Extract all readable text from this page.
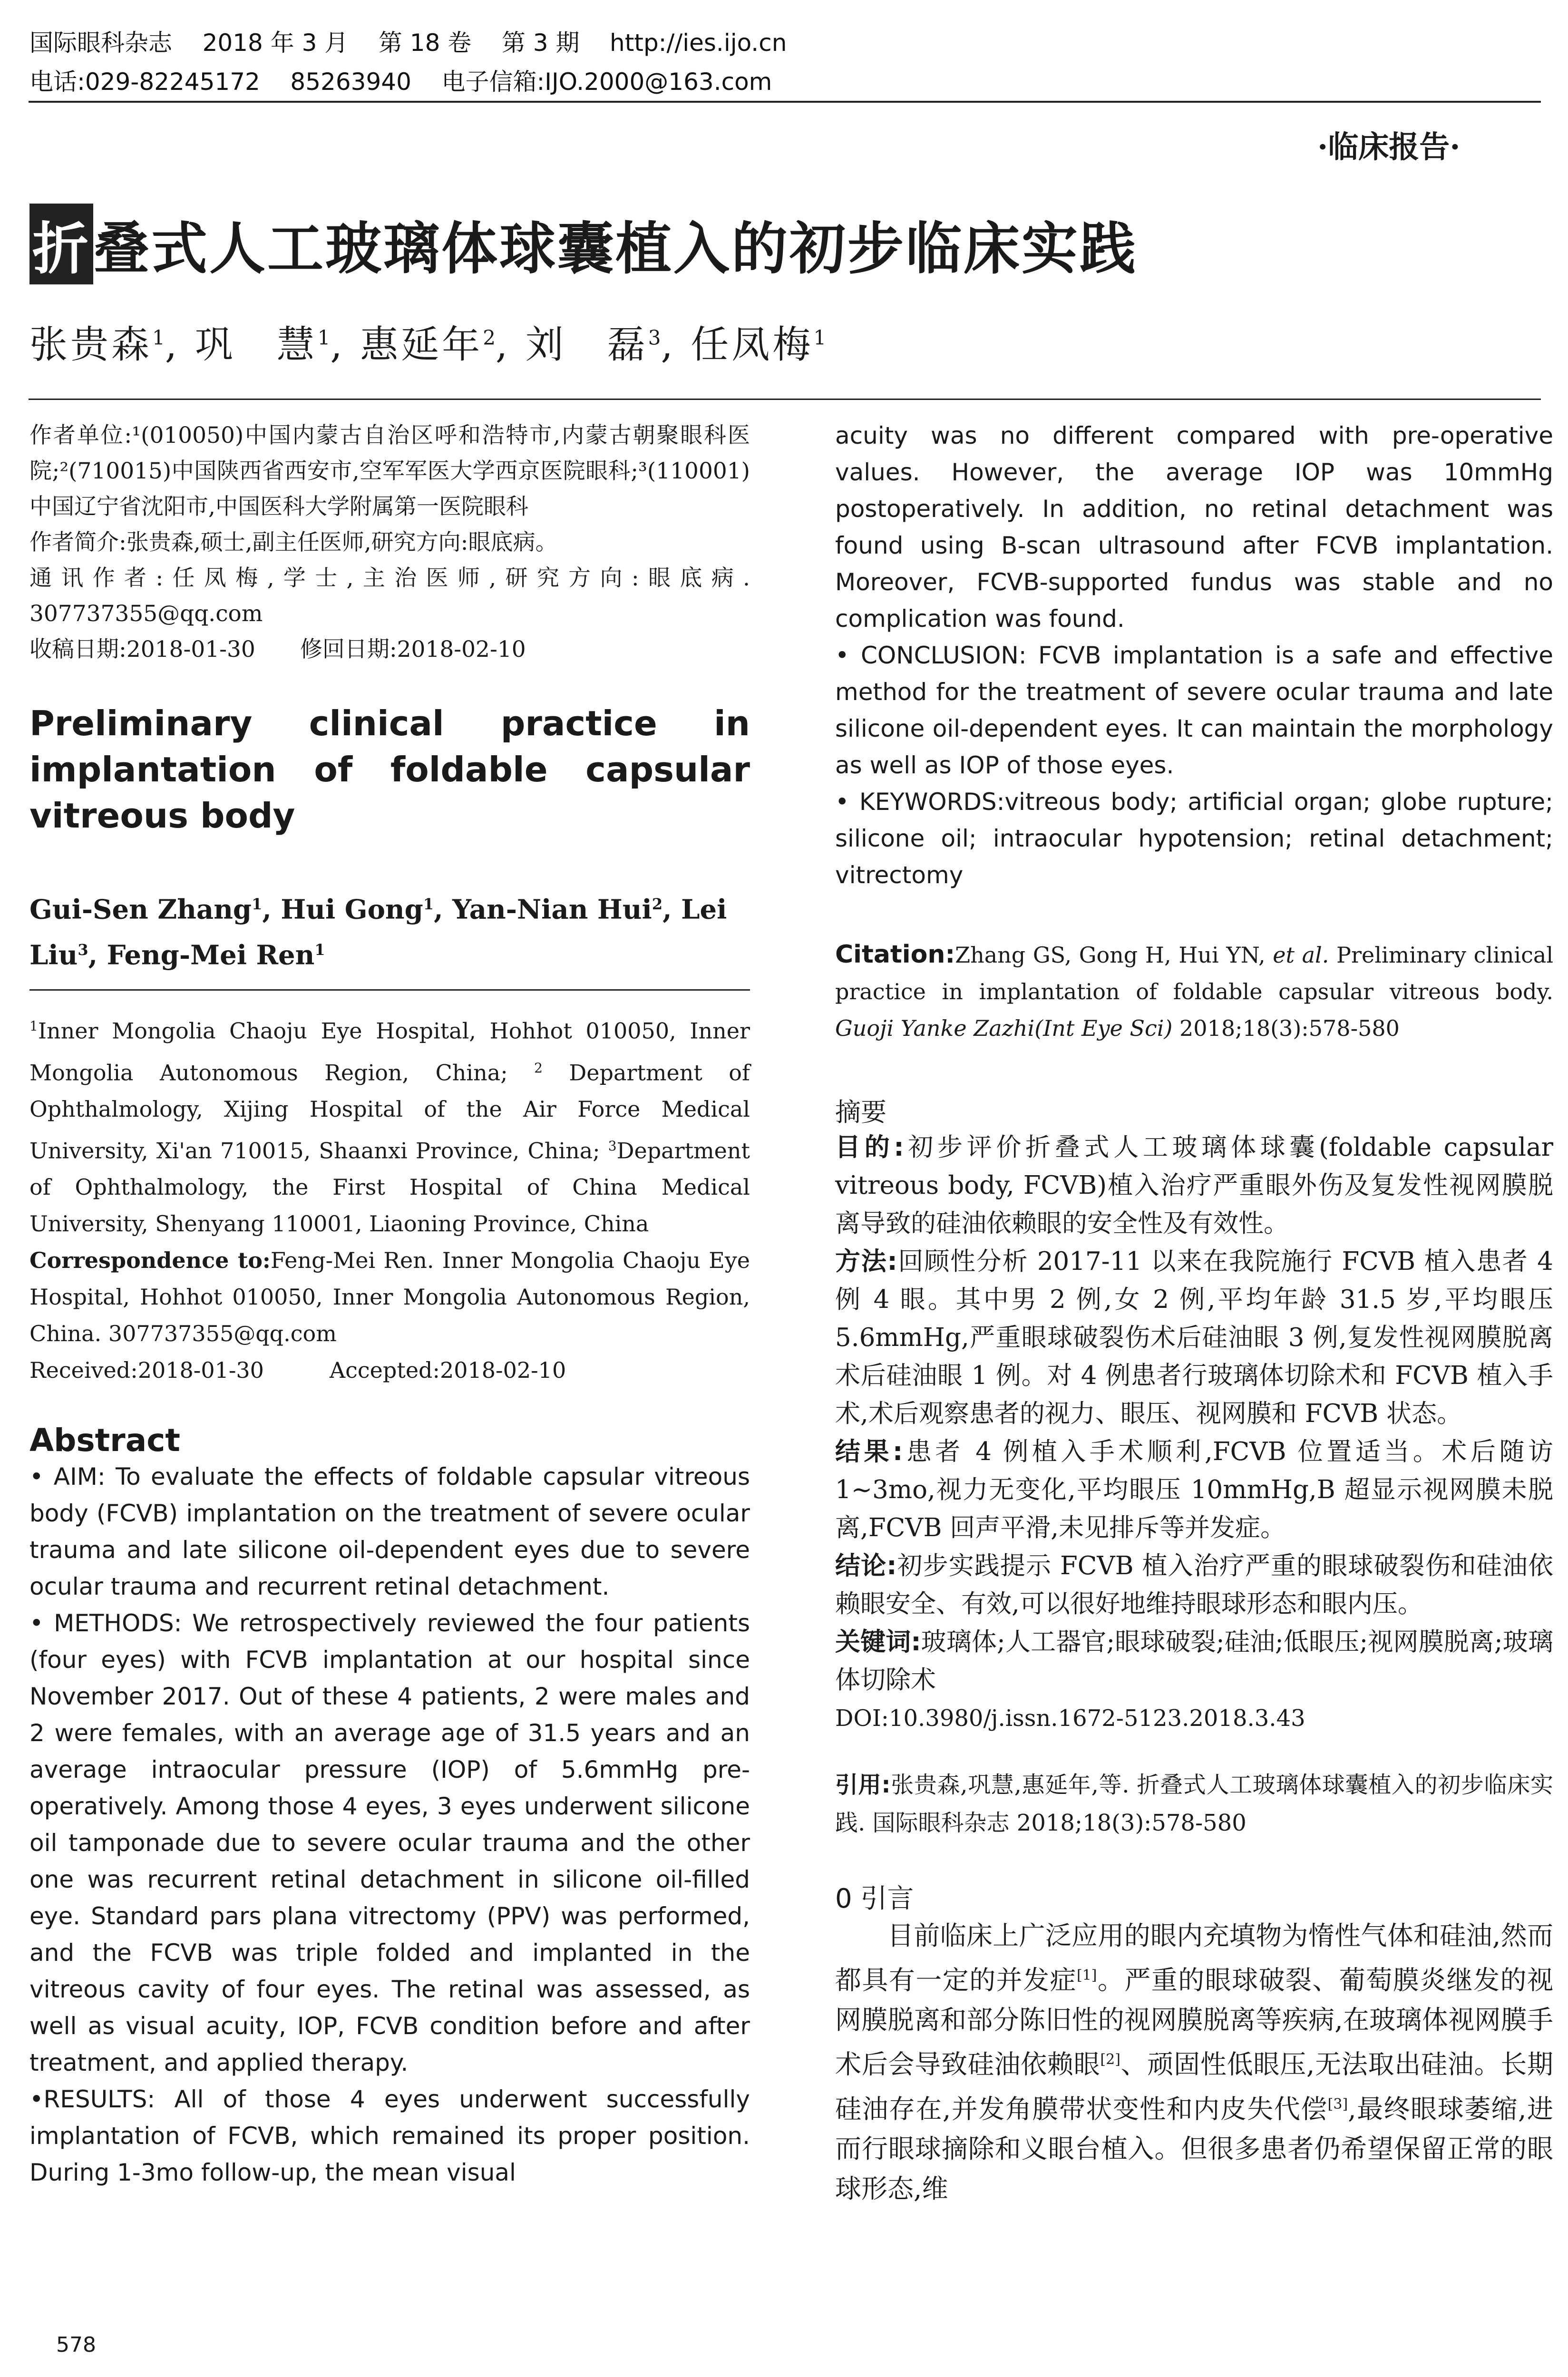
国际眼科杂志    2018 年 3 月    第 18 卷    第 3 期    http://ies.ijo.cn
电话:029-82245172    85263940    电子信箱:IJO.2000@163.com
·临床报告·
折叠式人工玻璃体球囊植入的初步临床实践
张贵森$^1$, 巩　慧$^1$, 惠延年$^2$, 刘　磊$^3$, 任凤梅$^1$

作者单位:¹(010050)中国内蒙古自治区呼和浩特市,内蒙古朝聚眼科医院;²(710015)中国陕西省西安市,空军军医大学西京医院眼科;³(110001)中国辽宁省沈阳市,中国医科大学附属第一医院眼科

作者简介:张贵森,硕士,副主任医师,研究方向:眼底病。

通讯作者:任凤梅,学士,主治医师,研究方向:眼底病. 307737355@qq.com

收稿日期:2018-01-30　　修回日期:2018-02-10

Preliminary clinical practice in implantation of foldable capsular vitreous body

Gui-Sen Zhang$^1$, Hui Gong$^1$, Yan-Nian Hui$^2$, Lei Liu$^3$, Feng-Mei Ren$^1$

$^1$Inner Mongolia Chaoju Eye Hospital, Hohhot 010050, Inner Mongolia Autonomous Region, China; $^2$ Department of Ophthalmology, Xijing Hospital of the Air Force Medical University, Xi'an 710015, Shaanxi Province, China; $^3$Department of Ophthalmology, the First Hospital of China Medical University, Shenyang 110001, Liaoning Province, China

Correspondence to:Feng-Mei Ren. Inner Mongolia Chaoju Eye Hospital, Hohhot 010050, Inner Mongolia Autonomous Region, China. 307737355@qq.com

Received:2018-01-30　　　Accepted:2018-02-10

Abstract

• AIM: To evaluate the effects of foldable capsular vitreous body (FCVB) implantation on the treatment of severe ocular trauma and late silicone oil-dependent eyes due to severe ocular trauma and recurrent retinal detachment.

• METHODS: We retrospectively reviewed the four patients (four eyes) with FCVB implantation at our hospital since November 2017. Out of these 4 patients, 2 were males and 2 were females, with an average age of 31.5 years and an average intraocular pressure (IOP) of 5.6mmHg pre-operatively. Among those 4 eyes, 3 eyes underwent silicone oil tamponade due to severe ocular trauma and the other one was recurrent retinal detachment in silicone oil-filled eye. Standard pars plana vitrectomy (PPV) was performed, and the FCVB was triple folded and implanted in the vitreous cavity of four eyes. The retinal was assessed, as well as visual acuity, IOP, FCVB condition before and after treatment, and applied therapy.

•RESULTS: All of those 4 eyes underwent successfully implantation of FCVB, which remained its proper position. During 1-3mo follow-up, the mean visual

578

acuity was no different compared with pre-operative values. However, the average IOP was 10mmHg postoperatively. In addition, no retinal detachment was found using B-scan ultrasound after FCVB implantation. Moreover, FCVB-supported fundus was stable and no complication was found.

• CONCLUSION: FCVB implantation is a safe and effective method for the treatment of severe ocular trauma and late silicone oil-dependent eyes. It can maintain the morphology as well as IOP of those eyes.

• KEYWORDS:vitreous body; artificial organ; globe rupture; silicone oil; intraocular hypotension; retinal detachment; vitrectomy

Citation:Zhang GS, Gong H, Hui YN, et al. Preliminary clinical practice in implantation of foldable capsular vitreous body. Guoji Yanke Zazhi(Int Eye Sci) 2018;18(3):578-580

摘要

目的:初步评价折叠式人工玻璃体球囊(foldable capsular vitreous body, FCVB)植入治疗严重眼外伤及复发性视网膜脱离导致的硅油依赖眼的安全性及有效性。

方法:回顾性分析 2017-11 以来在我院施行 FCVB 植入患者 4 例 4 眼。其中男 2 例,女 2 例,平均年龄 31.5 岁,平均眼压 5.6mmHg,严重眼球破裂伤术后硅油眼 3 例,复发性视网膜脱离术后硅油眼 1 例。对 4 例患者行玻璃体切除术和 FCVB 植入手术,术后观察患者的视力、眼压、视网膜和 FCVB 状态。

结果:患者 4 例植入手术顺利,FCVB 位置适当。术后随访 1~3mo,视力无变化,平均眼压 10mmHg,B 超显示视网膜未脱离,FCVB 回声平滑,未见排斥等并发症。

结论:初步实践提示 FCVB 植入治疗严重的眼球破裂伤和硅油依赖眼安全、有效,可以很好地维持眼球形态和眼内压。

关键词:玻璃体;人工器官;眼球破裂;硅油;低眼压;视网膜脱离;玻璃体切除术

DOI:10.3980/j.issn.1672-5123.2018.3.43

引用:张贵森,巩慧,惠延年,等. 折叠式人工玻璃体球囊植入的初步临床实践. 国际眼科杂志 2018;18(3):578-580

0 引言

目前临床上广泛应用的眼内充填物为惰性气体和硅油,然而都具有一定的并发症[1]。严重的眼球破裂、葡萄膜炎继发的视网膜脱离和部分陈旧性的视网膜脱离等疾病,在玻璃体视网膜手术后会导致硅油依赖眼[2]、顽固性低眼压,无法取出硅油。长期硅油存在,并发角膜带状变性和内皮失代偿[3],最终眼球萎缩,进而行眼球摘除和义眼台植入。但很多患者仍希望保留正常的眼球形态,维
